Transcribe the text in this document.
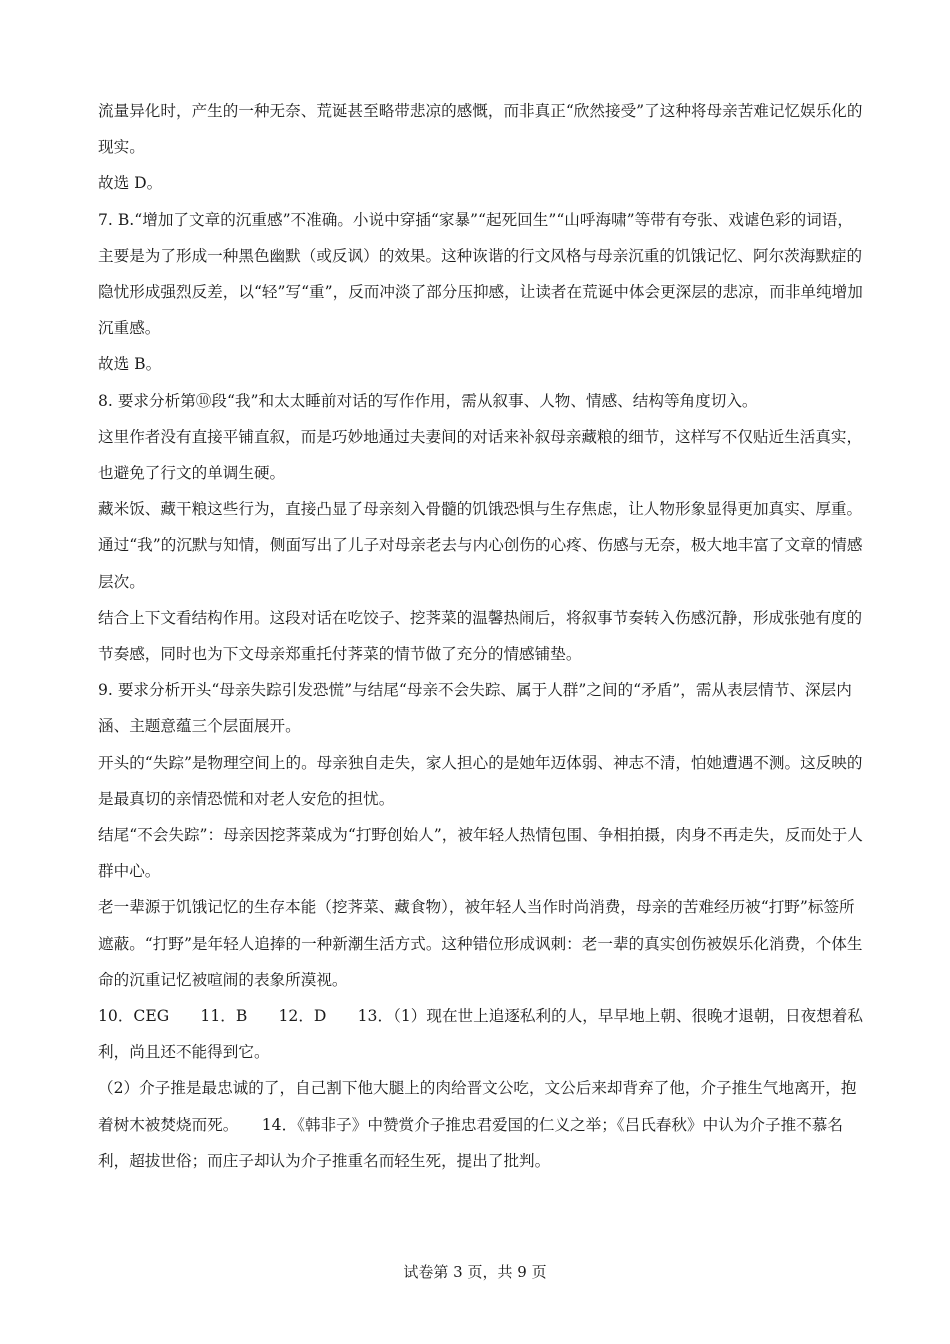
流量异化时，产生的一种无奈、荒诞甚至略带悲凉的感慨，而非真正“欣然接受”了这种将母亲苦难记忆娱乐化的现实。

故选 D。

7. B.“增加了文章的沉重感”不准确。小说中穿插“家暴”“起死回生”“山呼海啸”等带有夸张、戏谑色彩的词语，主要是为了形成一种黑色幽默（或反讽）的效果。这种诙谐的行文风格与母亲沉重的饥饿记忆、阿尔茨海默症的隐忧形成强烈反差，以“轻”写“重”，反而冲淡了部分压抑感，让读者在荒诞中体会更深层的悲凉，而非单纯增加沉重感。

故选 B。

8. 要求分析第⑩段“我”和太太睡前对话的写作作用，需从叙事、人物、情感、结构等角度切入。

这里作者没有直接平铺直叙，而是巧妙地通过夫妻间的对话来补叙母亲藏粮的细节，这样写不仅贴近生活真实，也避免了行文的单调生硬。

藏米饭、藏干粮这些行为，直接凸显了母亲刻入骨髓的饥饿恐惧与生存焦虑，让人物形象显得更加真实、厚重。

通过“我”的沉默与知情，侧面写出了儿子对母亲老去与内心创伤的心疼、伤感与无奈，极大地丰富了文章的情感层次。

结合上下文看结构作用。这段对话在吃饺子、挖荠菜的温馨热闹后，将叙事节奏转入伤感沉静，形成张弛有度的节奏感，同时也为下文母亲郑重托付荠菜的情节做了充分的情感铺垫。

9. 要求分析开头“母亲失踪引发恐慌”与结尾“母亲不会失踪、属于人群”之间的“矛盾”，需从表层情节、深层内涵、主题意蕴三个层面展开。

开头的“失踪”是物理空间上的。母亲独自走失，家人担心的是她年迈体弱、神志不清，怕她遭遇不测。这反映的是最真切的亲情恐慌和对老人安危的担忧。

结尾“不会失踪”：母亲因挖荠菜成为“打野创始人”，被年轻人热情包围、争相拍摄，肉身不再走失，反而处于人群中心。

老一辈源于饥饿记忆的生存本能（挖荠菜、藏食物），被年轻人当作时尚消费，母亲的苦难经历被“打野”标签所遮蔽。“打野”是年轻人追捧的一种新潮生活方式。这种错位形成讽刺：老一辈的真实创伤被娱乐化消费，个体生命的沉重记忆被喧闹的表象所漠视。

10．CEG　　11．B　　12．D　　13．（1）现在世上追逐私利的人，早早地上朝、很晚才退朝，日夜想着私利，尚且还不能得到它。

（2）介子推是最忠诚的了，自己割下他大腿上的肉给晋文公吃，文公后来却背弃了他，介子推生气地离开，抱着树木被焚烧而死。　　14．《韩非子》中赞赏介子推忠君爱国的仁义之举；《吕氏春秋》中认为介子推不慕名利，超拔世俗；而庄子却认为介子推重名而轻生死，提出了批判。

试卷第 3 页，共 9 页
